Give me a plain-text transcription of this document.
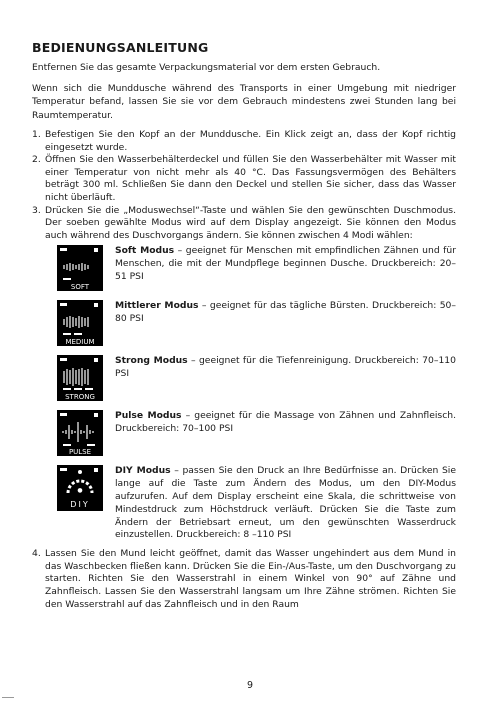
BEDIENUNGSANLEITUNG

Entfernen Sie das gesamte Verpackungsmaterial vor dem ersten Gebrauch.

Wenn sich die Munddusche während des Transports in einer Umgebung mit niedriger Temperatur befand, lassen Sie sie vor dem Gebrauch mindestens zwei Stunden lang bei Raumtemperatur.

1. Befestigen Sie den Kopf an der Munddusche. Ein Klick zeigt an, dass der Kopf richtig eingesetzt wurde.
2. Öffnen Sie den Wasserbehälterdeckel und füllen Sie den Wasserbehälter mit Wasser mit einer Temperatur von nicht mehr als 40 °C. Das Fassungsvermögen des Behälters beträgt 300 ml. Schließen Sie dann den Deckel und stellen Sie sicher, dass das Wasser nicht überläuft.
3. Drücken Sie die „Moduswechsel“-Taste und wählen Sie den gewünschten Duschmodus. Der soeben gewählte Modus wird auf dem Display angezeigt. Sie können den Modus auch während des Duschvorgangs ändern. Sie können zwischen 4 Modi wählen:
SOFT
Soft Modus – geeignet für Menschen mit empfindlichen Zähnen und für Menschen, die mit der Mundpflege beginnen Dusche. Druckbereich: 20–51 PSI
MEDIUM
Mittlerer Modus – geeignet für das tägliche Bürsten. Druckbereich: 50–80 PSI
STRONG
Strong Modus – geeignet für die Tiefenreinigung. Druckbereich: 70–110 PSI
PULSE
Pulse Modus – geeignet für die Massage von Zähnen und Zahnfleisch. Druckbereich: 70–100 PSI
●
DIY
DIY Modus – passen Sie den Druck an Ihre Bedürfnisse an. Drücken Sie lange auf die Taste zum Ändern des Modus, um den DIY-Modus aufzurufen. Auf dem Display erscheint eine Skala, die schrittweise von Mindestdruck zum Höchstdruck verläuft. Drücken Sie die Taste zum Ändern der Betriebsart erneut, um den gewünschten Wasserdruck einzustellen. Druckbereich: 8 –110 PSI
4. Lassen Sie den Mund leicht geöffnet, damit das Wasser ungehindert aus dem Mund in das Waschbecken fließen kann. Drücken Sie die Ein-/Aus-Taste, um den Duschvorgang zu starten. Richten Sie den Wasserstrahl in einem Winkel von 90° auf Zähne und Zahnfleisch. Lassen Sie den Wasserstrahl langsam um Ihre Zähne strömen. Richten Sie den Wasserstrahl auf das Zahnfleisch und in den Raum
9
